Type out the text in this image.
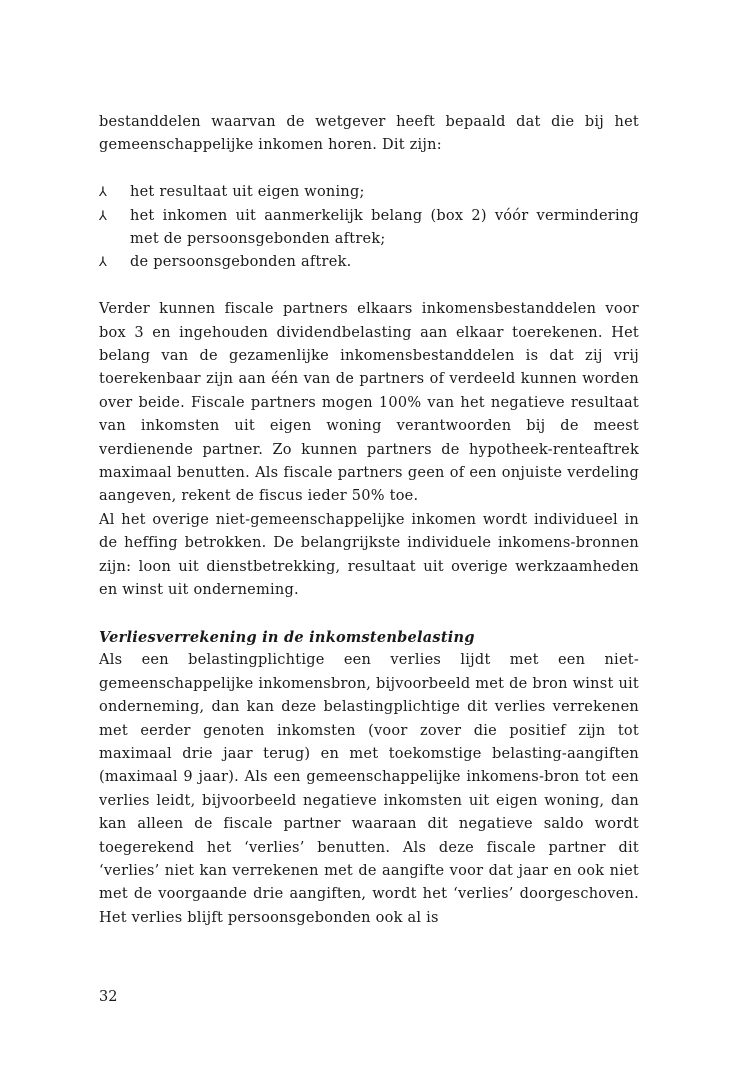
bestanddelen waarvan de wetgever heeft bepaald dat die bij het gemeenschappelijke inkomen horen. Dit zijn:

⅄ het resultaat uit eigen woning;
⅄ het inkomen uit aanmerkelijk belang (box 2) vóór vermindering met de persoonsgebonden aftrek;
⅄ de persoonsgebonden aftrek.

Verder kunnen fiscale partners elkaars inkomensbestanddelen voor box 3 en ingehouden dividendbelasting aan elkaar toerekenen. Het belang van de gezamenlijke inkomensbestanddelen is dat zij vrij toerekenbaar zijn aan één van de partners of verdeeld kunnen worden over beide. Fiscale partners mogen 100% van het negatieve resultaat van inkomsten uit eigen woning verantwoorden bij de meest verdienende partner. Zo kunnen partners de hypotheek-renteaftrek maximaal benutten. Als fiscale partners geen of een onjuiste verdeling aangeven, rekent de fiscus ieder 50% toe.

Al het overige niet-gemeenschappelijke inkomen wordt individueel in de heffing betrokken. De belangrijkste individuele inkomens-bronnen zijn: loon uit dienstbetrekking, resultaat uit overige werkzaamheden en winst uit onderneming.

Verliesverrekening in de inkomstenbelasting

Als een belastingplichtige een verlies lijdt met een niet-gemeenschappelijke inkomensbron, bijvoorbeeld met de bron winst uit onderneming, dan kan deze belastingplichtige dit verlies verrekenen met eerder genoten inkomsten (voor zover die positief zijn tot maximaal drie jaar terug) en met toekomstige belasting-aangiften (maximaal 9 jaar). Als een gemeenschappelijke inkomens-bron tot een verlies leidt, bijvoorbeeld negatieve inkomsten uit eigen woning, dan kan alleen de fiscale partner waaraan dit negatieve saldo wordt toegerekend het ‘verlies’ benutten. Als deze fiscale partner dit ‘verlies’ niet kan verrekenen met de aangifte voor dat jaar en ook niet met de voorgaande drie aangiften, wordt het ‘verlies’ doorgeschoven. Het verlies blijft persoonsgebonden ook al is

32
